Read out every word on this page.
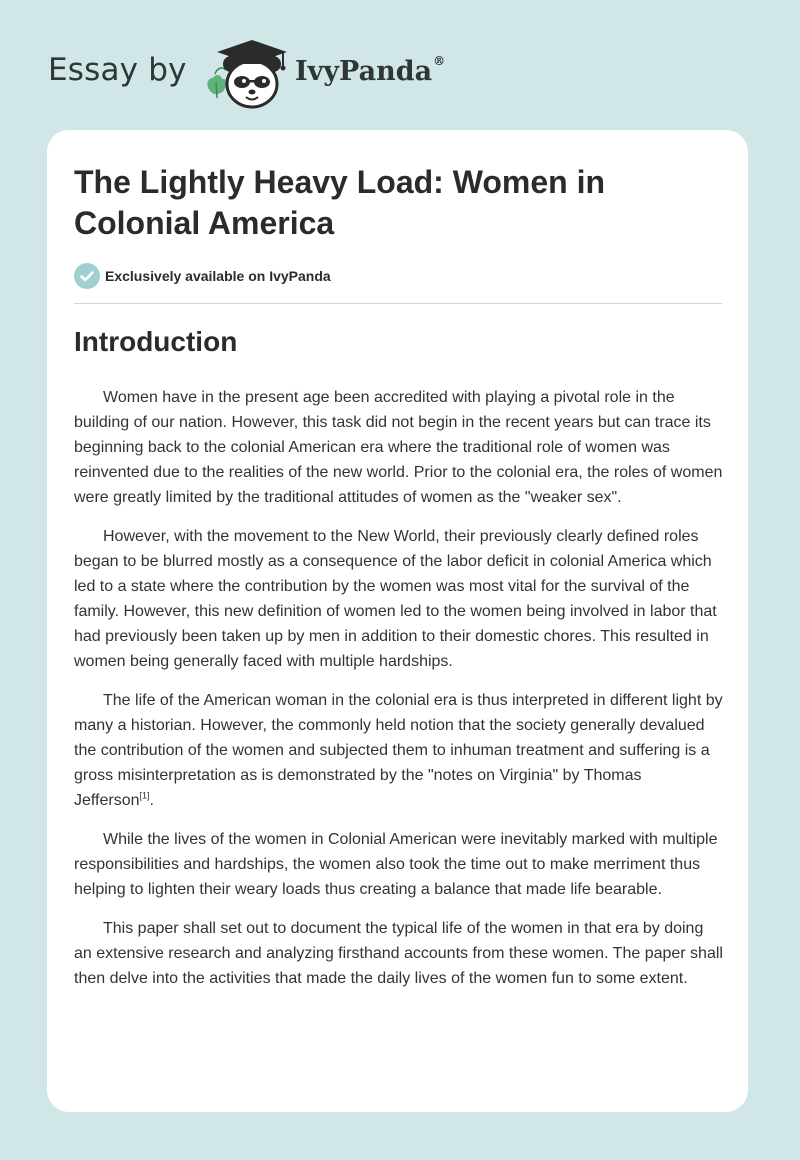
Essay by	IvyPanda®
The Lightly Heavy Load: Women in Colonial America
Exclusively available on IvyPanda
Introduction

Women have in the present age been accredited with playing a pivotal role in the building of our nation. However, this task did not begin in the recent years but can trace its beginning back to the colonial American era where the traditional role of women was reinvented due to the realities of the new world. Prior to the colonial era, the roles of women were greatly limited by the traditional attitudes of women as the "weaker sex".

However, with the movement to the New World, their previously clearly defined roles began to be blurred mostly as a consequence of the labor deficit in colonial America which led to a state where the contribution by the women was most vital for the survival of the family. However, this new definition of women led to the women being involved in labor that had previously been taken up by men in addition to their domestic chores. This resulted in women being generally faced with multiple hardships.

The life of the American woman in the colonial era is thus interpreted in different light by many a historian. However, the commonly held notion that the society generally devalued the contribution of the women and subjected them to inhuman treatment and suffering is a gross misinterpretation as is demonstrated by the "notes on Virginia" by Thomas Jefferson[1].

While the lives of the women in Colonial American were inevitably marked with multiple responsibilities and hardships, the women also took the time out to make merriment thus helping to lighten their weary loads thus creating a balance that made life bearable.

This paper shall set out to document the typical life of the women in that era by doing an extensive research and analyzing firsthand accounts from these women. The paper shall then delve into the activities that made the daily lives of the women fun to some extent.
